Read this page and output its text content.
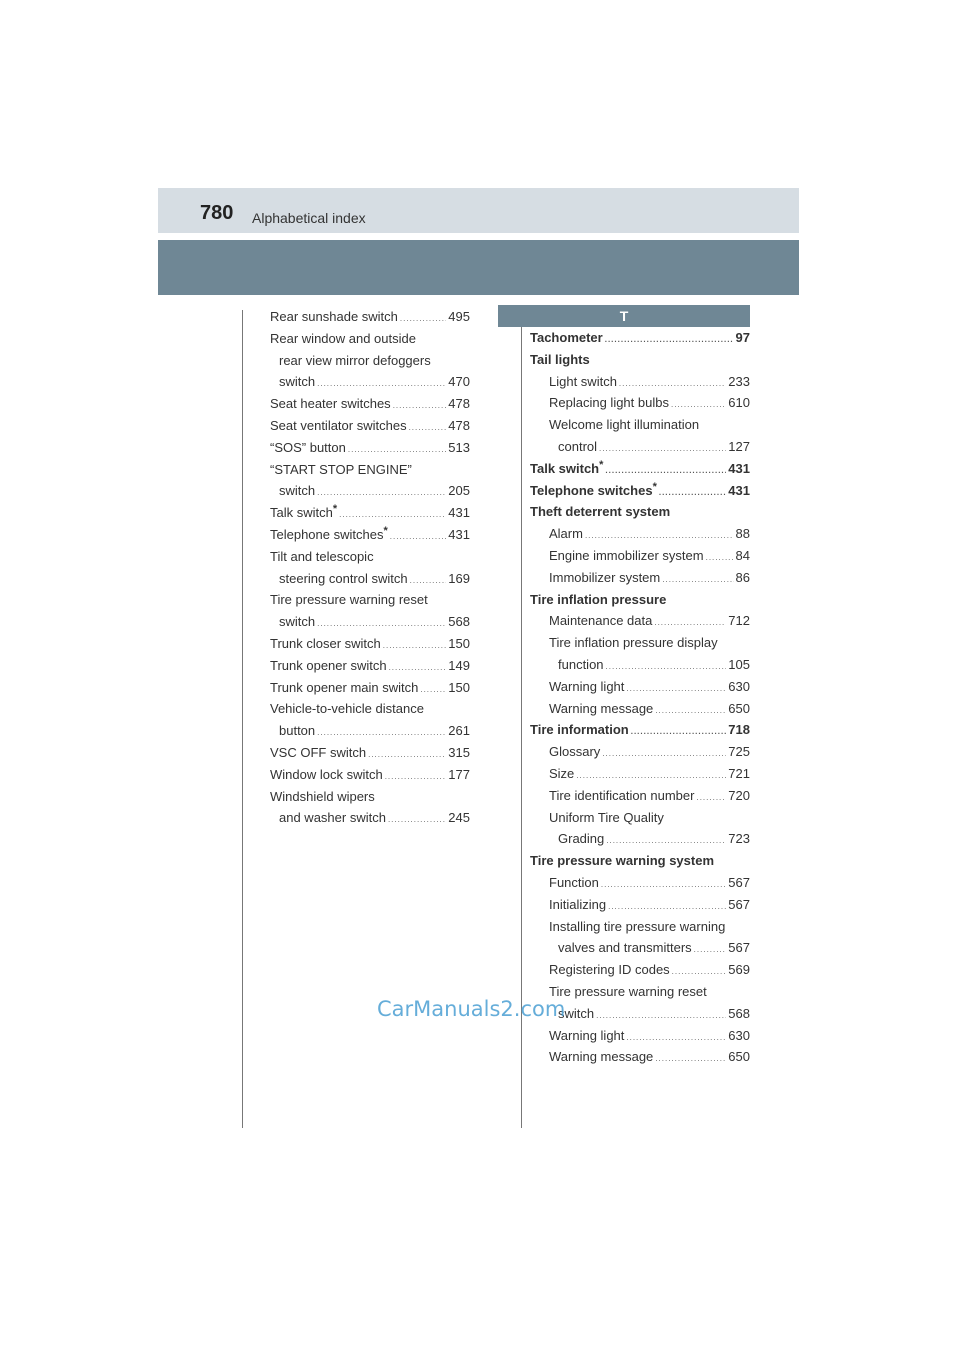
780 Alphabetical index
Rear sunshade switch .....	495
Rear window and outside
rear view mirror defoggers
switch .....	470
Seat heater switches .....	478
Seat ventilator switches .....	478
“SOS” button .....	513
“START STOP ENGINE”
switch .....	205
Talk switch * .....	431
Telephone switches * .....	431
Tilt and telescopic
steering control switch .....	169
Tire pressure warning reset
switch .....	568
Trunk closer switch .....	150
Trunk opener switch .....	149
Trunk opener main switch ..... 150
Vehicle-to-vehicle distance
button .....	261
VSC OFF switch .....	315
Window lock switch .....	177
Windshield wipers
and washer switch .....	245
T
Tachometer .....	97
Tail lights
Light switch .....	233
Replacing light bulbs .....	610
Welcome light illumination
control .....	127
Talk switch * .....	431
Telephone switches * .....	431
Theft deterrent system
Alarm .....	88
Engine immobilizer system ..... 84
Immobilizer system .....	86
Tire inflation pressure
Maintenance data .....	712
Tire inflation pressure display
function .....	105
Warning light .....	630
Warning message .....	650
Tire information .....	718
Glossary .....	725
Size .....	721
Tire identification number .....	720
Uniform Tire Quality
Grading .....	723
Tire pressure warning system
Function .....	567
Initializing .....	567
Installing tire pressure warning
valves and transmitters .....	567
Registering ID codes .....	569
Tire pressure warning reset
switch .....	568
Warning light .....	630
Warning message .....	650
CarManuals2.com
